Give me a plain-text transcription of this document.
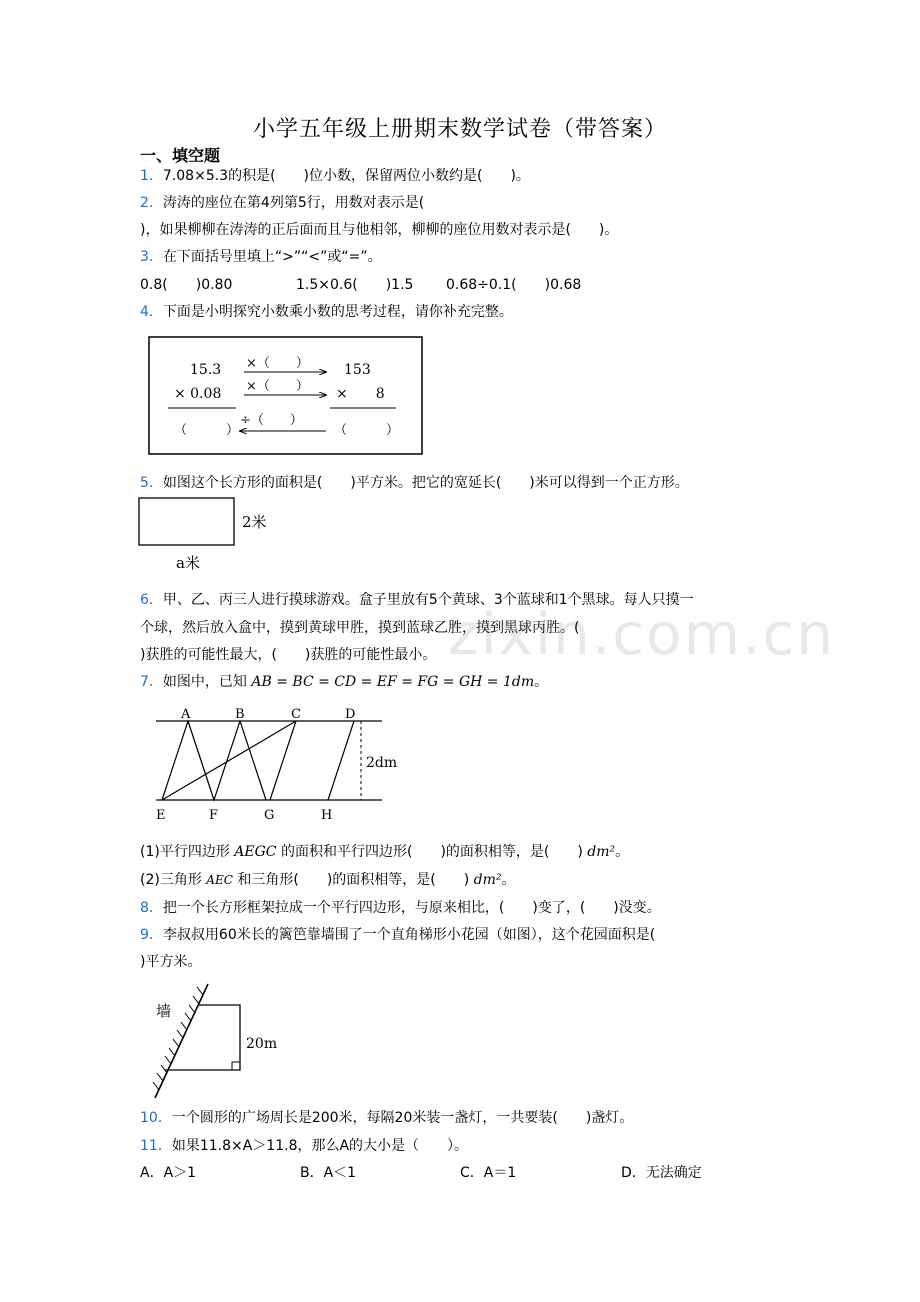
zixin.com.cn
小学五年级上册期末数学试卷（带答案）
一、填空题
1．7.08×5.3的积是(　　)位小数，保留两位小数约是(　　)。
2．涛涛的座位在第4列第5行，用数对表示是(
)，如果柳柳在涛涛的正后面而且与他相邻，柳柳的座位用数对表示是(　　)。
3．在下面括号里填上“>”“<”或“=”。
0.8(　　)0.80	1.5×0.6(　　)1.5 0.68÷0.1(　　)0.68
4．下面是小明探究小数乘小数的思考过程，请你补充完整。
15.3
× 0.08
153
×　　8
×（　　）
×（　　）
÷（　　）
（　　　）	（　　　）
5．如图这个长方形的面积是(　　)平方米。把它的宽延长(　　)米可以得到一个正方形。
2米
a米
6．甲、乙、丙三人进行摸球游戏。盒子里放有5个黄球、3个蓝球和1个黑球。每人只摸一
个球，然后放入盒中，摸到黄球甲胜，摸到蓝球乙胜，摸到黑球丙胜。(
)获胜的可能性最大，(　　)获胜的可能性最小。
7．如图中，已知 AB = BC = CD = EF = FG = GH = 1dm。
A	B	C	D
E	F	G	H
2dm
(1)平行四边形 AEGC 的面积和平行四边形(　　)的面积相等，是(　　) dm²。
(2)三角形 AEC 和三角形(　　)的面积相等，是(　　) dm²。
8．把一个长方形框架拉成一个平行四边形，与原来相比，(　　)变了，(　　)没变。
9．李叔叔用60米长的篱笆靠墙围了一个直角梯形小花园（如图），这个花园面积是(
)平方米。
墙
20m
10．一个圆形的广场周长是200米，每隔20米装一盏灯，一共要装(　　)盏灯。
11．如果11.8×A＞11.8，那么A的大小是（　　）。
A．A＞1	B．A＜1	C．A＝1	D．无法确定
